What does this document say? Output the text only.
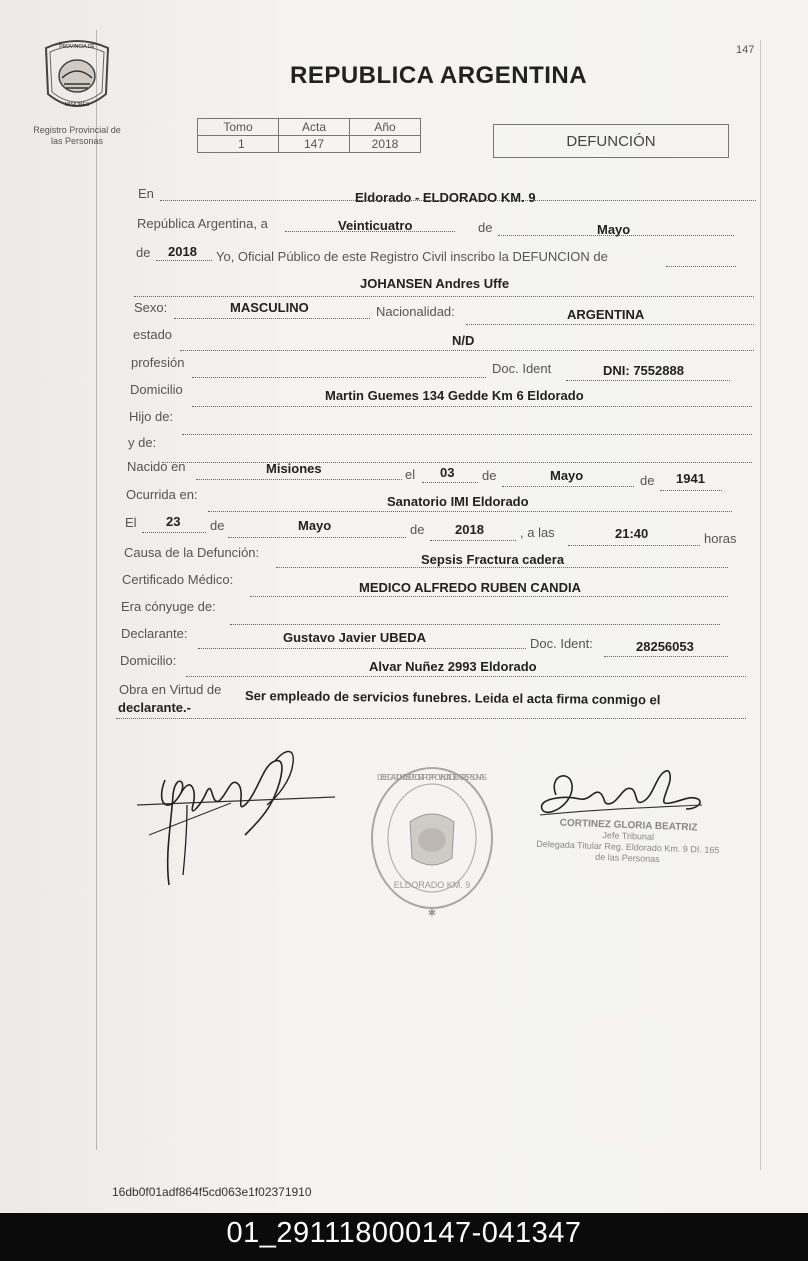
PROVINCIA DE
MISIONES
Registro Provincial de
las Personas
147
REPUBLICA ARGENTINA
Tomo	Acta	Año
1	147	2018	DEFUNCIÓN
En	Eldorado - ELDORADO KM. 9
República Argentina, a	Veinticuatro	de	Mayo
de 2018 Yo, Oficial Público de este Registro Civil inscribo la DEFUNCION de
JOHANSEN Andres Uffe
Sexo:	MASCULINO	Nacionalidad:	ARGENTINA
estado	N/D
profesión	Doc. Ident	DNI: 7552888
Domicilio	Martin Guemes 134 Gedde Km 6 Eldorado
Hijo de:
y de:
Nacido en	Misiones	el 03 de	Mayo	de 1941
Ocurrida en:	Sanatorio IMI Eldorado
El 23 de	Mayo	de 2018	, a las	21:40	horas
Causa de la Defunción:	Sepsis Fractura cadera
Certificado Médico:
MEDICO ALFREDO RUBEN CANDIA
Era cónyuge de:
Declarante:	Gustavo Javier UBEDA	Doc. Ident:	28256053
Domicilio:	Alvar Nuñez 2993 Eldorado
Obra en Virtud de Ser empleado de servicios funebres. Leida el acta firma conmigo el
declarante.-
DELEGACION DEL REGISTRO PROVINCIAL DE LAS PERSONAS
ELDORADO KM. 9
✱
CORTINEZ GLORIA BEATRIZ
Jefe Tribunal
Delegada Titular Reg. Eldorado Km. 9 DI. 165
de las Personas
16db0f01adf864f5cd063e1f02371910
01_291118000147-041347
